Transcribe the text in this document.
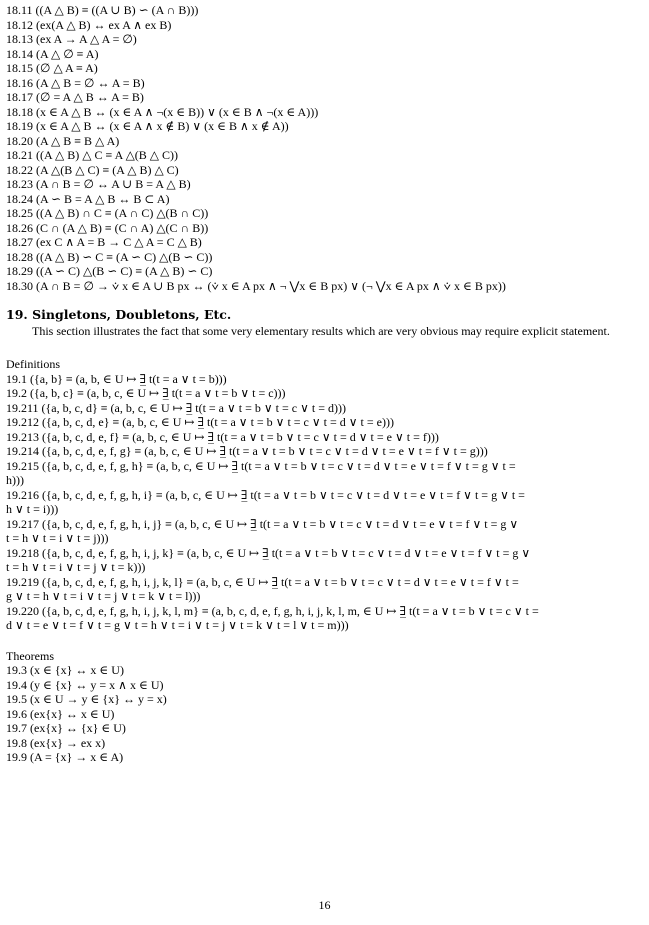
18.11 ((A △ B) ≡ ((A ∪ B) ∽ (A ∩ B)))
18.12 (ex(A △ B) ↔ ex A ∧ ex B)
18.13 (ex A → A △ A = ∅)
18.14 (A △ ∅ ≡ A)
18.15 (∅ △ A ≡ A)
18.16 (A △ B = ∅ ↔ A = B)
18.17 (∅ = A △ B ↔ A = B)
18.18 (x ∈ A △ B ↔ (x ∈ A ∧ ¬(x ∈ B)) ∨ (x ∈ B ∧ ¬(x ∈ A)))
18.19 (x ∈ A △ B ↔ (x ∈ A ∧ x ∉ B) ∨ (x ∈ B ∧ x ∉ A))
18.20 (A △ B ≡ B △ A)
18.21 ((A △ B) △ C ≡ A △(B △ C))
18.22 (A △(B △ C) ≡ (A △ B) △ C)
18.23 (A ∩ B = ∅ ↔ A ∪ B = A △ B)
18.24 (A ∽ B = A △ B ↔ B ⊂ A)
18.25 ((A △ B) ∩ C ≡ (A ∩ C) △(B ∩ C))
18.26 (C ∩ (A △ B) ≡ (C ∩ A) △(C ∩ B))
18.27 (ex C ∧ A = B → C △ A = C △ B)
18.28 ((A △ B) ∽ C ≡ (A ∽ C) △(B ∽ C))
18.29 ((A ∽ C) △(B ∽ C) ≡ (A △ B) ∽ C)
18.30 (A ∩ B = ∅ → ⩒ x ∈ A ∪ B p̲x ↔ (⩒ x ∈ A p̲x ∧ ¬ ⋁x ∈ B p̲x) ∨ (¬ ⋁x ∈ A p̲x ∧ ⩒ x ∈ B p̲x))
19. Singletons, Doubletons, Etc.
This section illustrates the fact that some very elementary results which are very obvious may require explicit statement.
Definitions
19.1 ({a, b} ≡ (a, b, ∈ U ↦ ∃̲ t(t = a ∨ t = b)))
19.2 ({a, b, c} ≡ (a, b, c, ∈ U ↦ ∃̲ t(t = a ∨ t = b ∨ t = c)))
19.211 ({a, b, c, d} ≡ (a, b, c, ∈ U ↦ ∃̲ t(t = a ∨ t = b ∨ t = c ∨ t = d)))
19.212 ({a, b, c, d, e} ≡ (a, b, c, ∈ U ↦ ∃̲ t(t = a ∨ t = b ∨ t = c ∨ t = d ∨ t = e)))
19.213 ({a, b, c, d, e, f} ≡ (a, b, c, ∈ U ↦ ∃̲ t(t = a ∨ t = b ∨ t = c ∨ t = d ∨ t = e ∨ t = f)))
19.214 ({a, b, c, d, e, f, g} ≡ (a, b, c, ∈ U ↦ ∃̲ t(t = a ∨ t = b ∨ t = c ∨ t = d ∨ t = e ∨ t = f ∨ t = g)))
19.215 ({a, b, c, d, e, f, g, h} ≡ (a, b, c, ∈ U ↦ ∃̲ t(t = a ∨ t = b ∨ t = c ∨ t = d ∨ t = e ∨ t = f ∨ t = g ∨ t =
h)))
19.216 ({a, b, c, d, e, f, g, h, i} ≡ (a, b, c, ∈ U ↦ ∃̲ t(t = a ∨ t = b ∨ t = c ∨ t = d ∨ t = e ∨ t = f ∨ t = g ∨ t =
h ∨ t = i)))
19.217 ({a, b, c, d, e, f, g, h, i, j} ≡ (a, b, c, ∈ U ↦ ∃̲ t(t = a ∨ t = b ∨ t = c ∨ t = d ∨ t = e ∨ t = f ∨ t = g ∨
t = h ∨ t = i ∨ t = j)))
19.218 ({a, b, c, d, e, f, g, h, i, j, k} ≡ (a, b, c, ∈ U ↦ ∃̲ t(t = a ∨ t = b ∨ t = c ∨ t = d ∨ t = e ∨ t = f ∨ t = g ∨
t = h ∨ t = i ∨ t = j ∨ t = k)))
19.219 ({a, b, c, d, e, f, g, h, i, j, k, l} ≡ (a, b, c, ∈ U ↦ ∃̲ t(t = a ∨ t = b ∨ t = c ∨ t = d ∨ t = e ∨ t = f ∨ t =
g ∨ t = h ∨ t = i ∨ t = j ∨ t = k ∨ t = l)))
19.220 ({a, b, c, d, e, f, g, h, i, j, k, l, m} ≡ (a, b, c, d, e, f, g, h, i, j, k, l, m, ∈ U ↦ ∃̲ t(t = a ∨ t = b ∨ t = c ∨ t =
d ∨ t = e ∨ t = f ∨ t = g ∨ t = h ∨ t = i ∨ t = j ∨ t = k ∨ t = l ∨ t = m)))
Theorems
19.3 (x ∈ {x} ↔ x ∈ U)
19.4 (y ∈ {x} ↔ y = x ∧ x ∈ U)
19.5 (x ∈ U → y ∈ {x} ↔ y = x)
19.6 (ex{x} ↔ x ∈ U)
19.7 (ex{x} ↔ {x} ∈ U)
19.8 (ex{x} → ex x)
19.9 (A = {x} → x ∈ A)
16
